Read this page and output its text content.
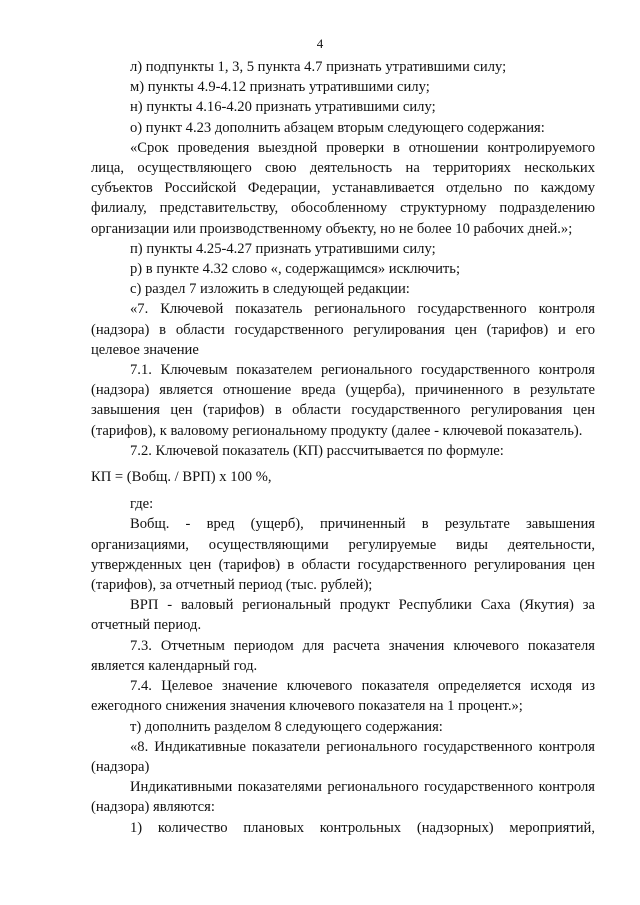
4

л) подпункты 1, 3, 5 пункта 4.7 признать утратившими силу;

м) пункты 4.9-4.12 признать утратившими силу;

н) пункты 4.16-4.20 признать утратившими силу;

о) пункт 4.23 дополнить абзацем вторым следующего содержания:

«Срок проведения выездной проверки в отношении контролируемого лица, осуществляющего свою деятельность на территориях нескольких субъектов Российской Федерации, устанавливается отдельно по каждому филиалу, представительству, обособленному структурному подразделению организации или производственному объекту, но не более 10 рабочих дней.»;

п) пункты 4.25-4.27 признать утратившими силу;

р) в пункте 4.32 слово «, содержащимся» исключить;

с) раздел 7 изложить в следующей редакции:

«7. Ключевой показатель регионального государственного контроля (надзора) в области государственного регулирования цен (тарифов) и его целевое значение

7.1. Ключевым показателем регионального государственного контроля (надзора) является отношение вреда (ущерба), причиненного в результате завышения цен (тарифов) в области государственного регулирования цен (тарифов), к валовому региональному продукту (далее - ключевой показатель).

7.2. Ключевой показатель (КП) рассчитывается по формуле:

КП = (Вобщ. / ВРП) х 100 %,

где:

Вобщ. - вред (ущерб), причиненный в результате завышения организациями, осуществляющими регулируемые виды деятельности, утвержденных цен (тарифов) в области государственного регулирования цен (тарифов), за отчетный период (тыс. рублей);

ВРП - валовый региональный продукт Республики Саха (Якутия) за отчетный период.

7.3. Отчетным периодом для расчета значения ключевого показателя является календарный год.

7.4. Целевое значение ключевого показателя определяется исходя из ежегодного снижения значения ключевого показателя на 1 процент.»;

т) дополнить разделом 8 следующего содержания:

«8. Индикативные показатели регионального государственного контроля (надзора)

Индикативными показателями регионального государственного контроля (надзора) являются:

1) количество плановых контрольных (надзорных) мероприятий,
